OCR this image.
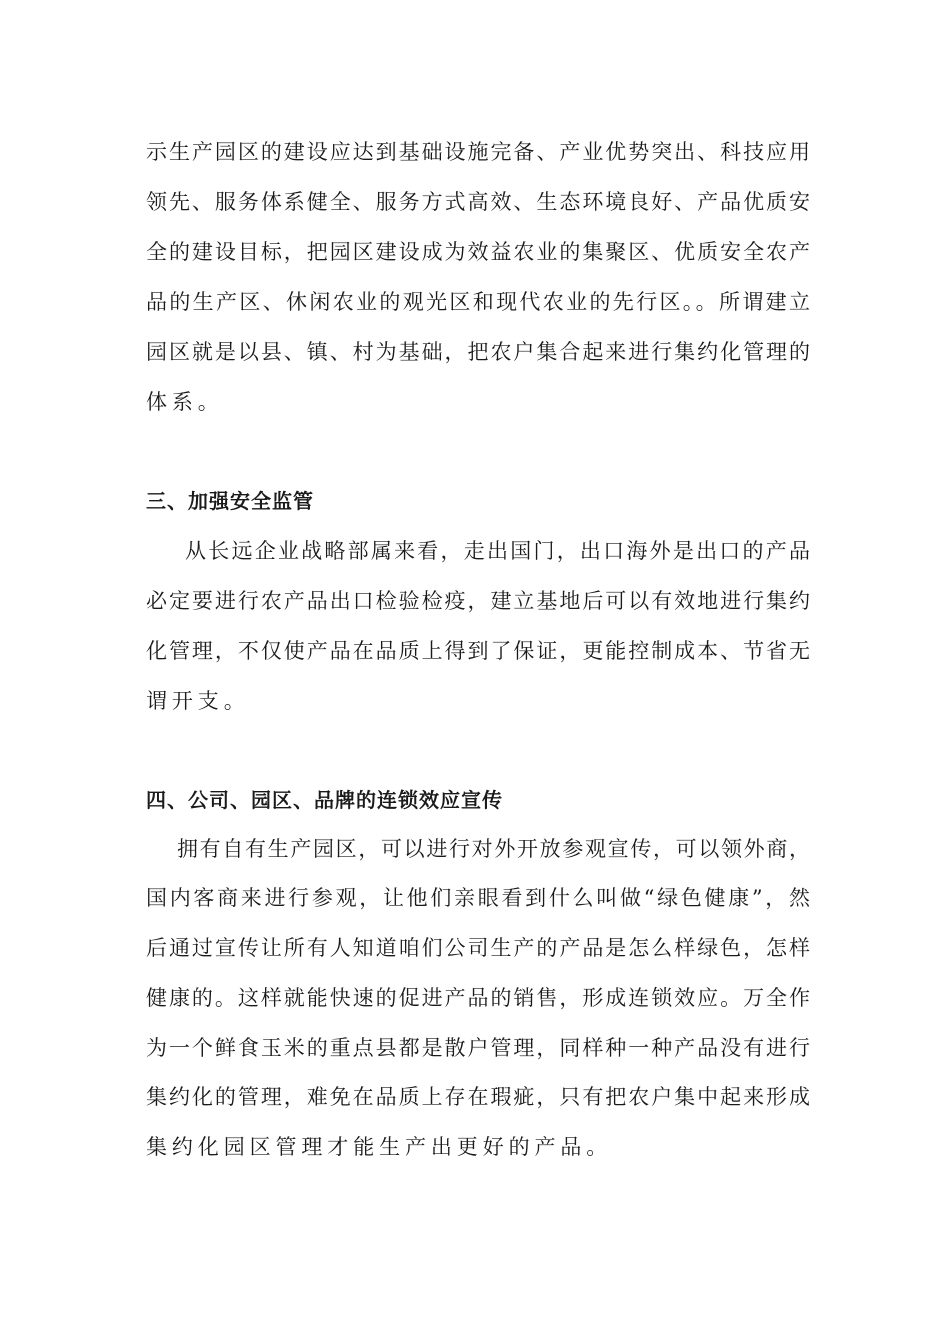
示生产园区的建设应达到基础设施完备、产业优势突出、科技应用
领先、服务体系健全、服务方式高效、生态环境良好、产品优质安
全的建设目标，把园区建设成为效益农业的集聚区、优质安全农产
品的生产区、休闲农业的观光区和现代农业的先行区。。所谓建立
园区就是以县、镇、村为基础，把农户集合起来进行集约化管理的
体系。
三、加强安全监管
从长远企业战略部属来看，走出国门，出口海外是出口的产品
必定要进行农产品出口检验检疫，建立基地后可以有效地进行集约
化管理，不仅使产品在品质上得到了保证，更能控制成本、节省无
谓开支。
四、公司、园区、品牌的连锁效应宣传
拥有自有生产园区，可以进行对外开放参观宣传，可以领外商，
国内客商来进行参观，让他们亲眼看到什么叫做“绿色健康”，然
后通过宣传让所有人知道咱们公司生产的产品是怎么样绿色，怎样
健康的。这样就能快速的促进产品的销售，形成连锁效应。万全作
为一个鲜食玉米的重点县都是散户管理，同样种一种产品没有进行
集约化的管理，难免在品质上存在瑕疵，只有把农户集中起来形成
集约化园区管理才能生产出更好的产品。
